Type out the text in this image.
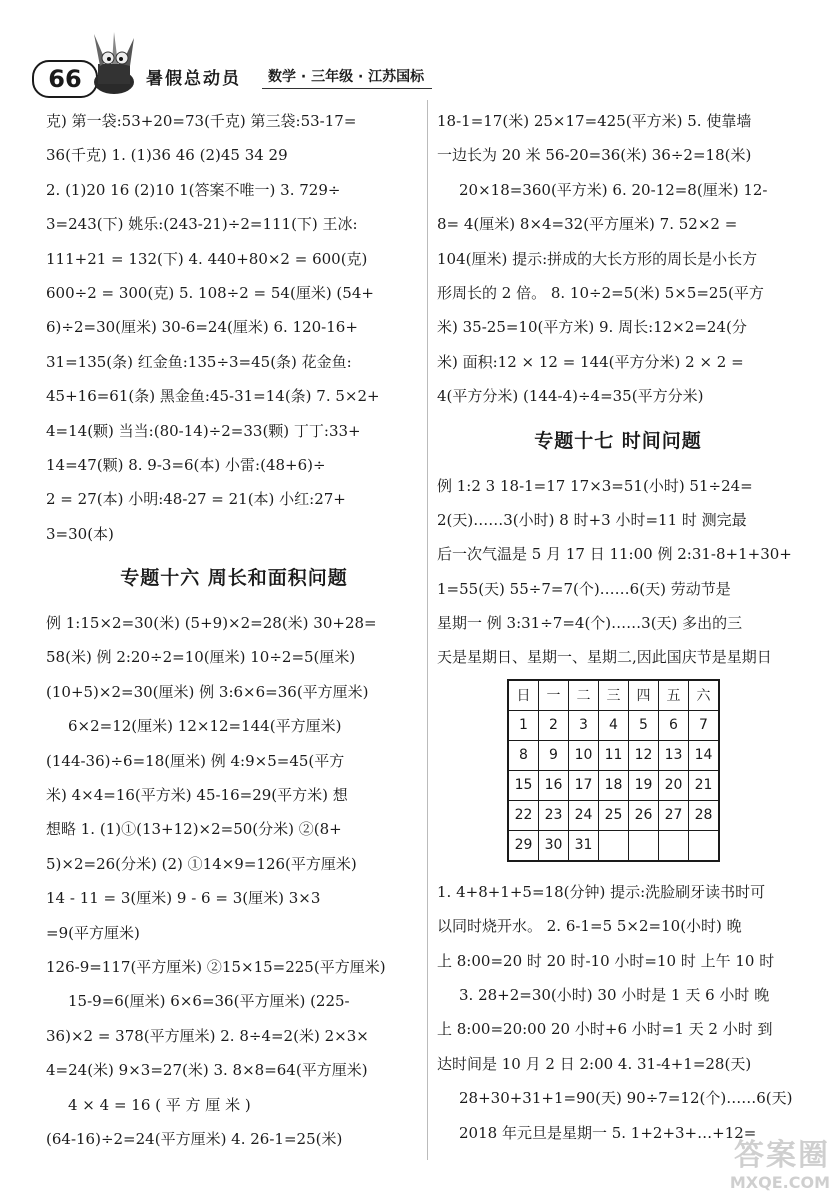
66	暑假总动员 数学 · 三年级 · 江苏国标
克) 第一袋:53+20=73(千克) 第三袋:53-17=
36(千克) 1. (1)36 46 (2)45 34 29
2. (1)20 16 (2)10 1(答案不唯一) 3. 729÷
3=243(下) 姚乐:(243-21)÷2=111(下) 王冰:
111+21 = 132(下) 4. 440+80×2 = 600(克)
600÷2 = 300(克) 5. 108÷2 = 54(厘米) (54+
6)÷2=30(厘米) 30-6=24(厘米) 6. 120-16+
31=135(条) 红金鱼:135÷3=45(条) 花金鱼:
45+16=61(条) 黑金鱼:45-31=14(条) 7. 5×2+
4=14(颗) 当当:(80-14)÷2=33(颗) 丁丁:33+
14=47(颗) 8. 9-3=6(本) 小雷:(48+6)÷
2 = 27(本) 小明:48-27 = 21(本) 小红:27+
3=30(本)
专题十六 周长和面积问题
例 1:15×2=30(米) (5+9)×2=28(米) 30+28=
58(米) 例 2:20÷2=10(厘米) 10÷2=5(厘米)
(10+5)×2=30(厘米) 例 3:6×6=36(平方厘米)
6×2=12(厘米) 12×12=144(平方厘米)
(144-36)÷6=18(厘米) 例 4:9×5=45(平方
米) 4×4=16(平方米) 45-16=29(平方米) 想
想略 1. (1)①(13+12)×2=50(分米) ②(8+
5)×2=26(分米) (2) ①14×9=126(平方厘米)
14 - 11 = 3(厘米) 9 - 6 = 3(厘米) 3×3
=9(平方厘米)
126-9=117(平方厘米) ②15×15=225(平方厘米)
15-9=6(厘米) 6×6=36(平方厘米) (225-
36)×2 = 378(平方厘米) 2. 8÷4=2(米) 2×3×
4=24(米) 9×3=27(米) 3. 8×8=64(平方厘米)
4 × 4 = 16 ( 平 方 厘 米 )
(64-16)÷2=24(平方厘米) 4. 26-1=25(米)
18-1=17(米) 25×17=425(平方米) 5. 使靠墙
一边长为 20 米 56-20=36(米) 36÷2=18(米)
20×18=360(平方米) 6. 20-12=8(厘米) 12-
8= 4(厘米) 8×4=32(平方厘米) 7. 52×2 =
104(厘米) 提示:拼成的大长方形的周长是小长方
形周长的 2 倍。 8. 10÷2=5(米) 5×5=25(平方
米) 35-25=10(平方米) 9. 周长:12×2=24(分
米) 面积:12 × 12 = 144(平方分米) 2 × 2 =
4(平方分米) (144-4)÷4=35(平方分米)
专题十七 时间问题
例 1:2 3 18-1=17 17×3=51(小时) 51÷24=
2(天)……3(小时) 8 时+3 小时=11 时 测完最
后一次气温是 5 月 17 日 11:00 例 2:31-8+1+30+
1=55(天) 55÷7=7(个)……6(天) 劳动节是
星期一 例 3:31÷7=4(个)……3(天) 多出的三
天是星期日、星期一、星期二,因此国庆节是星期日
日	一	二	三	四	五	六
1	2	3	4	5	6	7
8	9	10	11	12	13	14
15	16	17	18	19	20	21
22	23	24	25	26	27	28
29	30	31				
1. 4+8+1+5=18(分钟) 提示:洗脸刷牙读书时可
以同时烧开水。 2. 6-1=5 5×2=10(小时) 晚
上 8:00=20 时 20 时-10 小时=10 时 上午 10 时
3. 28+2=30(小时) 30 小时是 1 天 6 小时 晚
上 8:00=20:00 20 小时+6 小时=1 天 2 小时 到
达时间是 10 月 2 日 2:00 4. 31-4+1=28(天)
28+30+31+1=90(天) 90÷7=12(个)……6(天)
2018 年元旦是星期一 5. 1+2+3+…+12=
答案圈
MXQE.COM
